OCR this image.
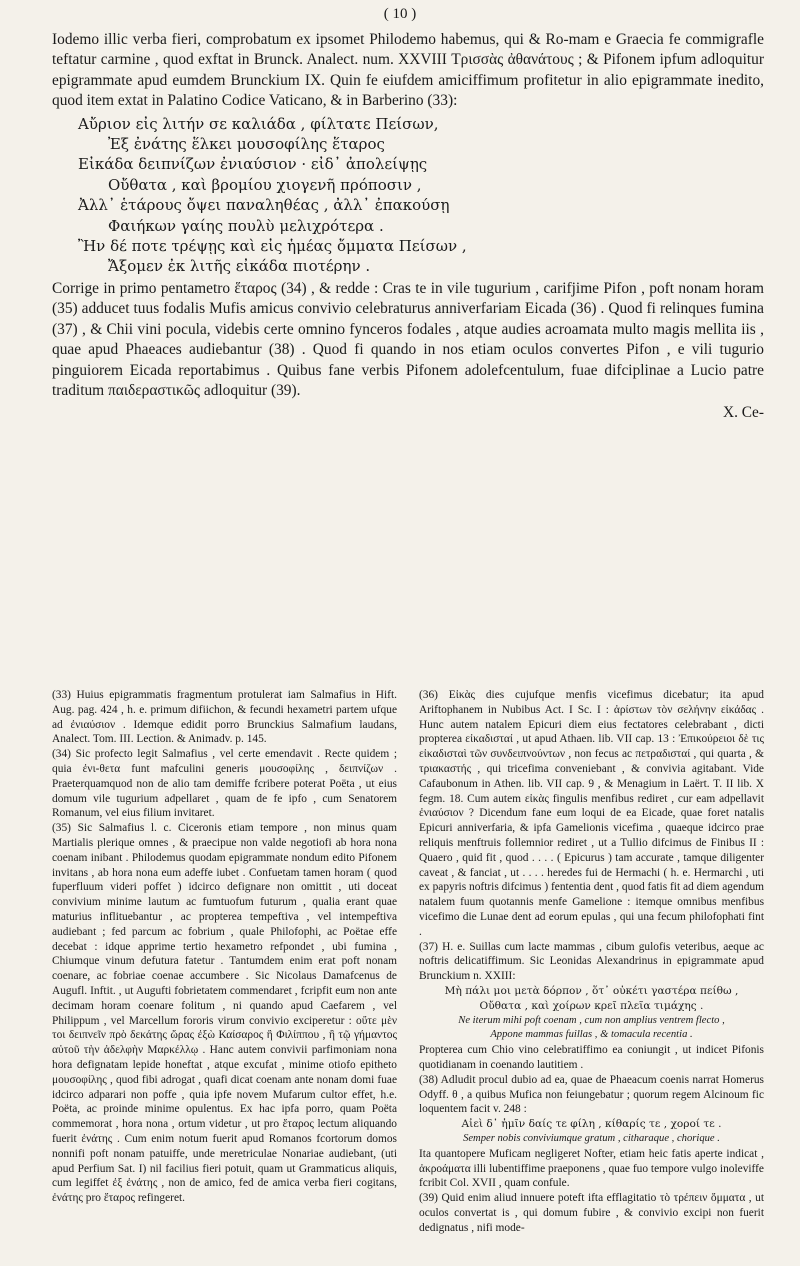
( 10 )

Iodemo illic verba fieri, comprobatum ex ipsomet Philodemo habemus, qui & Ro-mam e Graecia fe commigrafle teftatur carmine , quod exftat in Brunck. Analect. num. XXVIII Τρισσὰς ἀθανάτους ; & Pifonem ipfum adloquitur epigrammate apud eumdem Brunckium IX. Quin fe eiufdem amiciffimum profitetur in alio epigrammate inedito, quod item extat in Palatino Codice Vaticano, & in Barberino (33):

Αὔριον εἰς λιτήν σε καλιάδα , φίλτατε Πείσων,
Ἐξ ἐνάτης ἕλκει μουσοφίλης ἕταρος
Εἰκάδα δειπνίζων ἐνιαύσιον · εἰδ᾽ ἀπολείψῃς
Οὔθατα , καὶ βρομίου χιογενῆ πρόποσιν ,
Ἀλλ᾽ ἑτάρους ὄψει παναληθέας , ἀλλ᾽ ἐπακούσῃ
Φαιήκων γαίης πουλὺ μελιχρότερα .
Ἢν δέ ποτε τρέψῃς καὶ εἰς ἡμέας ὄμματα Πείσων ,
Ἄξομεν ἐκ λιτῆς εἰκάδα πιοτέρην .

Corrige in primo pentametro ἕταρος (34) , & redde : Cras te in vile tugurium , carifjime Pifon , poft nonam horam (35) adducet tuus fodalis Mufis amicus convivio celebraturus anniverfariam Eicada (36) . Quod fi relinques fumina (37) , & Chii vini pocula, videbis certe omnino fynceros fodales , atque audies acroamata multo magis mellita iis , quae apud Phaeaces audiebantur (38) . Quod fi quando in nos etiam oculos convertes Pifon , e vili tugurio pinguiorem Eicada reportabimus . Quibus fane verbis Pifonem adolefcentulum, fuae difciplinae a Lucio patre traditum παιδεραστικῶς adloquitur (39).

X. Ce-

(33) Huius epigrammatis fragmentum protulerat iam Salmafius in Hift. Aug. pag. 424 , h. e. primum difiichon, & fecundi hexametri partem ufque ad ἐνιαύσιον . Idemque edidit porro Brunckius Salmafium laudans, Analect. Tom. III. Lection. & Animadv. p. 145.

(34) Sic profecto legit Salmafius , vel certe emendavit . Recte quidem ; quia ἐνι-θετα funt mafculini generis μουσοφίλης , δειπνίζων . Praeterquamquod non de alio tam demiffe fcribere poterat Poëta , ut eius domum vile tugurium adpellaret , quam de fe ipfo , cum Senatorem Romanum, vel eius filium invitaret.

(35) Sic Salmafius l. c. Ciceronis etiam tempore , non minus quam Martialis plerique omnes , & praecipue non valde negotiofi ab hora nona coenam inibant . Philodemus quodam epigrammate nondum edito Pifonem invitans , ab hora nona eum adeffe iubet . Confuetam tamen horam ( quod fuperfluum videri poffet ) idcirco defignare non omittit , uti doceat convivium minime lautum ac fumtuofum futurum , qualia erant quae maturius inflituebantur , ac propterea tempeftiva , vel intempeftiva audiebant ; fed parcum ac fobrium , quale Philofophi, ac Poëtae effe decebat : idque apprime tertio hexametro refpondet , ubi fumina , Chiumque vinum defutura fatetur . Tantumdem enim erat poft nonam coenare, ac fobriae coenae accumbere . Sic Nicolaus Damafcenus de Augufl. Inftit. , ut Augufti fobrietatem commendaret , fcripfit eum non ante decimam horam coenare folitum , ni quando apud Caefarem , vel Philippum , vel Marcellum fororis virum convivio exciperetur : οὔτε μὲν τοι δειπνεῖν πρὸ δεκάτης ὥρας ἐξὼ Καίσαρος ἢ Φιλίππου , ἢ τῷ γήμαντος αὐτοῦ τὴν ἀδελφὴν Μαρκέλλῳ . Hanc autem convivii parfimoniam nona hora defignatam lepide honeftat , atque excufat , minime otiofo epitheto μουσοφίλης , quod fibi adrogat , quafi dicat coenam ante nonam domi fuae idcirco adparari non poffe , quia ipfe novem Mufarum cultor effet, h.e. Poëta, ac proinde minime opulentus. Ex hac ipfa porro, quam Poëta commemorat , hora nona , ortum videtur , ut pro ἕταρος lectum aliquando fuerit ἐνάτης . Cum enim notum fuerit apud Romanos fcortorum domos nonnifi poft nonam patuiffe, unde meretriculae Nonariae audiebant, (uti apud Perfium Sat. I) nil facilius fieri potuit, quam ut Grammaticus aliquis, cum legiffet ἐξ ἐνάτης , non de amico, fed de amica verba fieri cogitans, ἐνάτης pro ἕταρος refingeret.

(36) Εἰκὰς dies cujufque menfis vicefimus dicebatur; ita apud Ariftophanem in Nubibus Act. I Sc. I : ἀρίστων τὸν σελήνην εἰκάδας . Hunc autem natalem Epicuri diem eius fectatores celebrabant , dicti propterea εἰκαδισταί , ut apud Athaen. lib. VII cap. 13 : Ἐπικούρειοι δὲ τις εἰκαδισταὶ τῶν συνδειπνούντων , non fecus ac πετραδισταί , qui quarta , & τριακαστής , qui tricefima conveniebant , & convivia agitabant. Vide Cafaubonum in Athen. lib. VII cap. 9 , & Menagium in Laërt. T. II lib. X fegm. 18. Cum autem εἰκὰς fingulis menfibus rediret , cur eam adpellavit ἐνιαύσιον ? Dicendum fane eum loqui de ea Eicade, quae foret natalis Epicuri anniverfaria, & ipfa Gamelionis vicefima , quaeque idcirco prae reliquis menftruis follemnior rediret , ut a Tullio difcimus de Finibus II : Quaero , quid fit , quod . . . . ( Epicurus ) tam accurate , tamque diligenter caveat , & fanciat , ut . . . . heredes fui de Hermachi ( h. e. Hermarchi , uti ex papyris noftris difcimus ) fententia dent , quod fatis fit ad diem agendum natalem fuum quotannis menfe Gamelione : itemque omnibus menfibus vicefimo die Lunae dent ad eorum epulas , qui una fecum philofophati fint .

(37) H. e. Suillas cum lacte mammas , cibum gulofis veteribus, aeque ac noftris delicatiffimum. Sic Leonidas Alexandrinus in epigrammate apud Brunckium n. XXIII:

Μὴ πάλι μοι μετὰ δόρπον , ὅτ᾽ οὐκέτι γαστέρα πείθω ,

Οὔθατα , καὶ χοίρων κρεῖ πλεῖα τιμάχης .

Ne iterum mihi poft coenam , cum non amplius ventrem flecto ,

Appone mammas fuillas , & tomacula recentia .

Propterea cum Chio vino celebratiffimo ea coniungit , ut indicet Pifonis quotidianam in coenando lautitiem .

(38) Adludit procul dubio ad ea, quae de Phaeacum coenis narrat Homerus Odyff. θ , a quibus Mufica non feiungebatur ; quorum regem Alcinoum fic loquentem facit v. 248 :

Αἰεὶ δ᾽ ἡμῖν δαίς τε φίλη , κίθαρίς τε , χοροί τε .

Semper nobis conviviumque gratum , citharaque , chorique .

Ita quantopere Muficam negligeret Nofter, etiam heic fatis aperte indicat , ἀκροάματα illi lubentiffime praeponens , quae fuo tempore vulgo inoleviffe fcribit Col. XVII , quam confule.

(39) Quid enim aliud innuere poteft ifta efflagitatio τὸ τρέπειν ὄμματα , ut oculos convertat is , qui domum fubire , & convivio excipi non fuerit dedignatus , nifi mode-
